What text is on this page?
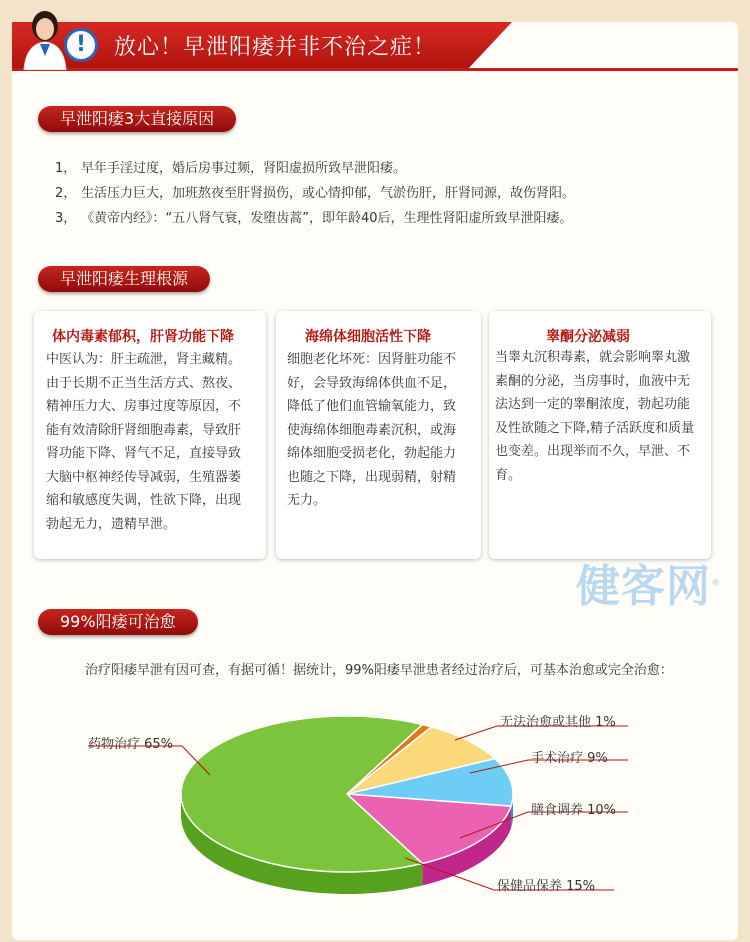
!	放心！早泄阳痿并非不治之症！
早泄阳痿3大直接原因
1， 早年手淫过度，婚后房事过频，肾阳虚损所致早泄阳痿。
2， 生活压力巨大，加班熬夜至肝肾损伤，或心情抑郁，气淤伤肝，肝肾同源，故伤肾阳。
3， 《黄帝内经》：“五八肾气衰，发堕齿蒿”，即年龄40后，生理性肾阳虚所致早泄阳痿。
早泄阳痿生理根源
体内毒素郁积，肝肾功能下降
中医认为：肝主疏泄，肾主藏精。
由于长期不正当生活方式、熬夜、
精神压力大、房事过度等原因，不
能有效清除肝肾细胞毒素，导致肝
肾功能下降、肾气不足，直接导致
大脑中枢神经传导减弱，生殖器萎
缩和敏感度失调，性欲下降，出现
勃起无力，遗精早泄。
海绵体细胞活性下降
细胞老化坏死：因肾脏功能不
好，会导致海绵体供血不足，
降低了他们血管输氧能力，致
使海绵体细胞毒素沉积，或海
绵体细胞受损老化，勃起能力
也随之下降，出现弱精，射精
无力。
睾酮分泌减弱
当睾丸沉积毒素，就会影响睾丸激
素酮的分泌，当房事时，血液中无
法达到一定的睾酮浓度，勃起功能
及性欲随之下降,精子活跃度和质量
也变差。出现举而不久，早泄、不
育。
健客网®
99%阳痿可治愈
治疗阳痿早泄有因可查，有据可循！据统计，99%阳痿早泄患者经过治疗后，可基本治愈或完全治愈：
药物治疗 65%
无法治愈或其他 1%
手术治疗 9%
膳食调养 10%
保健品保养 15%
